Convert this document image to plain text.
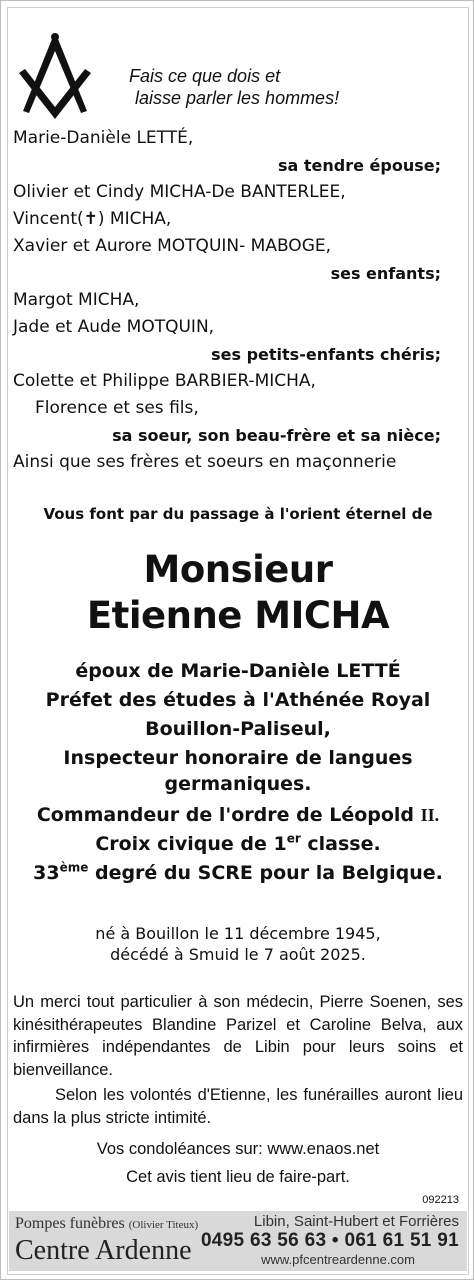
Fais ce que dois et
laisse parler les hommes!
Marie-Danièle LETTÉ,
sa tendre épouse;
Olivier et Cindy MICHA-De BANTERLEE,
Vincent(✝) MICHA,
Xavier et Aurore MOTQUIN- MABOGE,
ses enfants;
Margot MICHA,
Jade et Aude MOTQUIN,
ses petits-enfants chéris;
Colette et Philippe BARBIER-MICHA,
Florence et ses fils,
sa soeur, son beau-frère et sa nièce;
Ainsi que ses frères et soeurs en maçonnerie
Vous font par du passage à l'orient éternel de
Monsieur
Etienne MICHA
époux de Marie-Danièle LETTÉ
Préfet des études à l'Athénée Royal
Bouillon-Paliseul,
Inspecteur honoraire de langues
germaniques.
Commandeur de l'ordre de Léopold II.
Croix civique de 1er classe.
33ème degré du SCRE pour la Belgique.
né à Bouillon le 11 décembre 1945,
décédé à Smuid le 7 août 2025.
Un merci tout particulier à son médecin, Pierre Soenen, ses kinésithérapeutes Blandine Parizel et Caroline Belva, aux infirmières indépendantes de Libin pour leurs soins et bienveillance.
Selon les volontés d'Etienne, les funérailles auront lieu dans la plus stricte intimité.
Vos condoléances sur: www.enaos.net
Cet avis tient lieu de faire-part.
092213
Pompes funèbres (Olivier Titeux)
Centre Ardenne
Libin, Saint-Hubert et Forrières
0495 63 56 63 • 061 61 51 91
www.pfcentreardenne.com
